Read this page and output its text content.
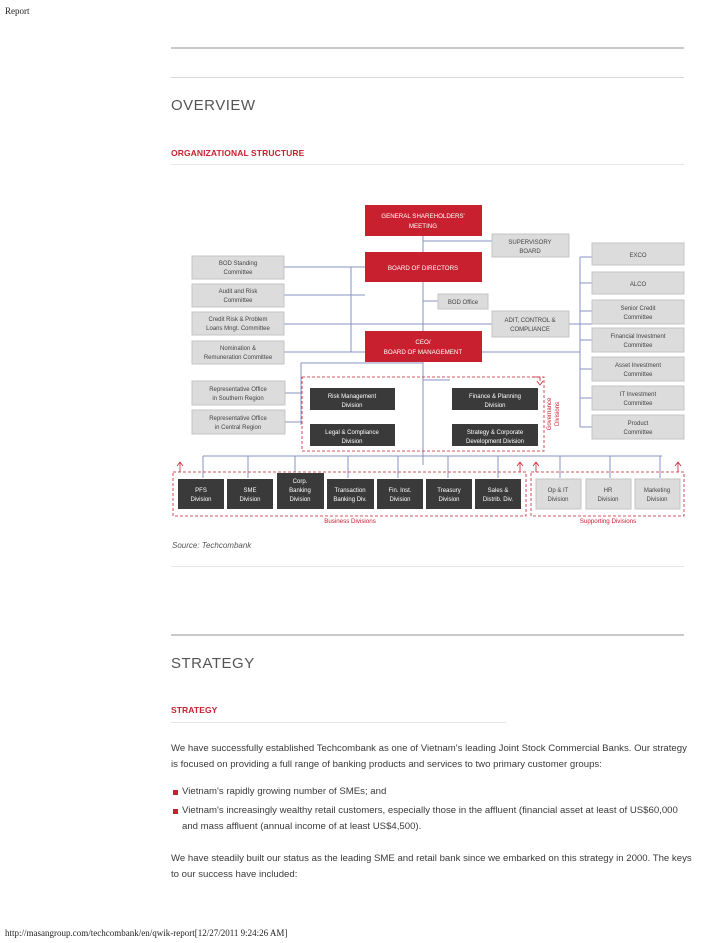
Report
OVERVIEW
ORGANIZATIONAL STRUCTURE
GENERAL SHAREHOLDERS'
MEETING
BOARD OF DIRECTORS
CEO/
BOARD OF MANAGEMENT
SUPERVISORY
BOARD
BOD Office
ADIT, CONTROL &
COMPLIANCE
BOD Standing
Committee
Audit and Risk
Committee
Credit Risk & Problem
Loans Mngt. Committee
Nomination &
Remuneration Committee
EXCO
ALCO
Senior Credit
Committee
Financial Investment
Committee
Asset Investment
Committee
IT Investment
Committee
Product
Committee
Representative Office
in Southern Region
Representative Office
in Central Region
Risk Management
Division
Finance & Planning
Division
Legal & Compliance
Division
Strategy & Corporate
Development Division
Governance Divisions
PFS
Division
SME
Division
Corp.
Banking
Division
Transaction
Banking Div.
Fin. Inst.
Division
Treasury
Division
Sales &
Distrib. Div.
Op & IT
Division
HR
Division
Marketing
Division
Business Divisions	Supporting Divisions
Source: Techcombank
STRATEGY
STRATEGY
We have successfully established Techcombank as one of Vietnam's leading Joint Stock Commercial Banks. Our strategy
is focused on providing a full range of banking products and services to two primary customer groups:
Vietnam's rapidly growing number of SMEs; and
Vietnam's increasingly wealthy retail customers, especially those in the affluent (financial asset at least of US$60,000
and mass affluent (annual income of at least US$4,500).
We have steadily built our status as the leading SME and retail bank since we embarked on this strategy in 2000. The keys
to our success have included:
http://masangroup.com/techcombank/en/qwik-report[12/27/2011 9:24:26 AM]
